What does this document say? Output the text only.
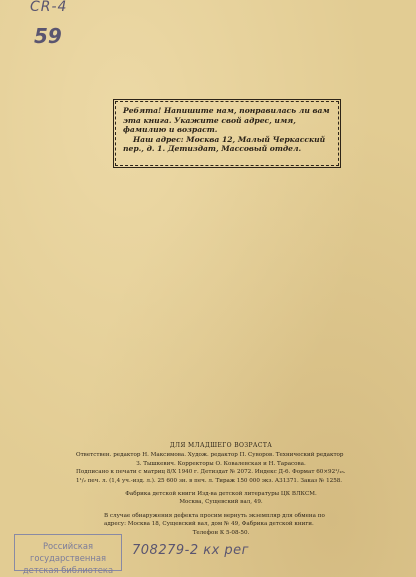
CR-4
59

Ребята! Напишите нам, понравилась ли вам эта книга. Укажите свой адрес, имя, фамилию и возраст.

Наш адрес: Москва 12, Малый Черкасский пер., д. 1. Детиздат, Массовый отдел.

ДЛЯ МЛАДШЕГО ВОЗРАСТА
Ответствен. редактор Н. Максимова. Худож. редактор П. Суворов. Технический редактор
З. Тышкевич. Корректоры О. Ковалевская и Н. Тарасова.
Подписано к печати с матриц 8/X 1940 г. Детиздат № 2072. Индекс Д-6. Формат 60×92¹/₁₆.
1¹/₂ печ. л. (1,4 уч.-изд. л.). 25 600 зн. в печ. л. Тираж 150 000 экз. А31371. Заказ № 1258.
Фабрика детской книги Изд-ва детской литературы ЦК ВЛКСМ.
Москва, Сущевский вал, 49.
В случае обнаружения дефекта просим вернуть экземпляр для обмена по
адресу: Москва 18, Сущевский вал, дом № 49, Фабрика детской книги.
Телефон К 5-08-50.
Российская государственная
детская библиотека
708279-2 кх рег
